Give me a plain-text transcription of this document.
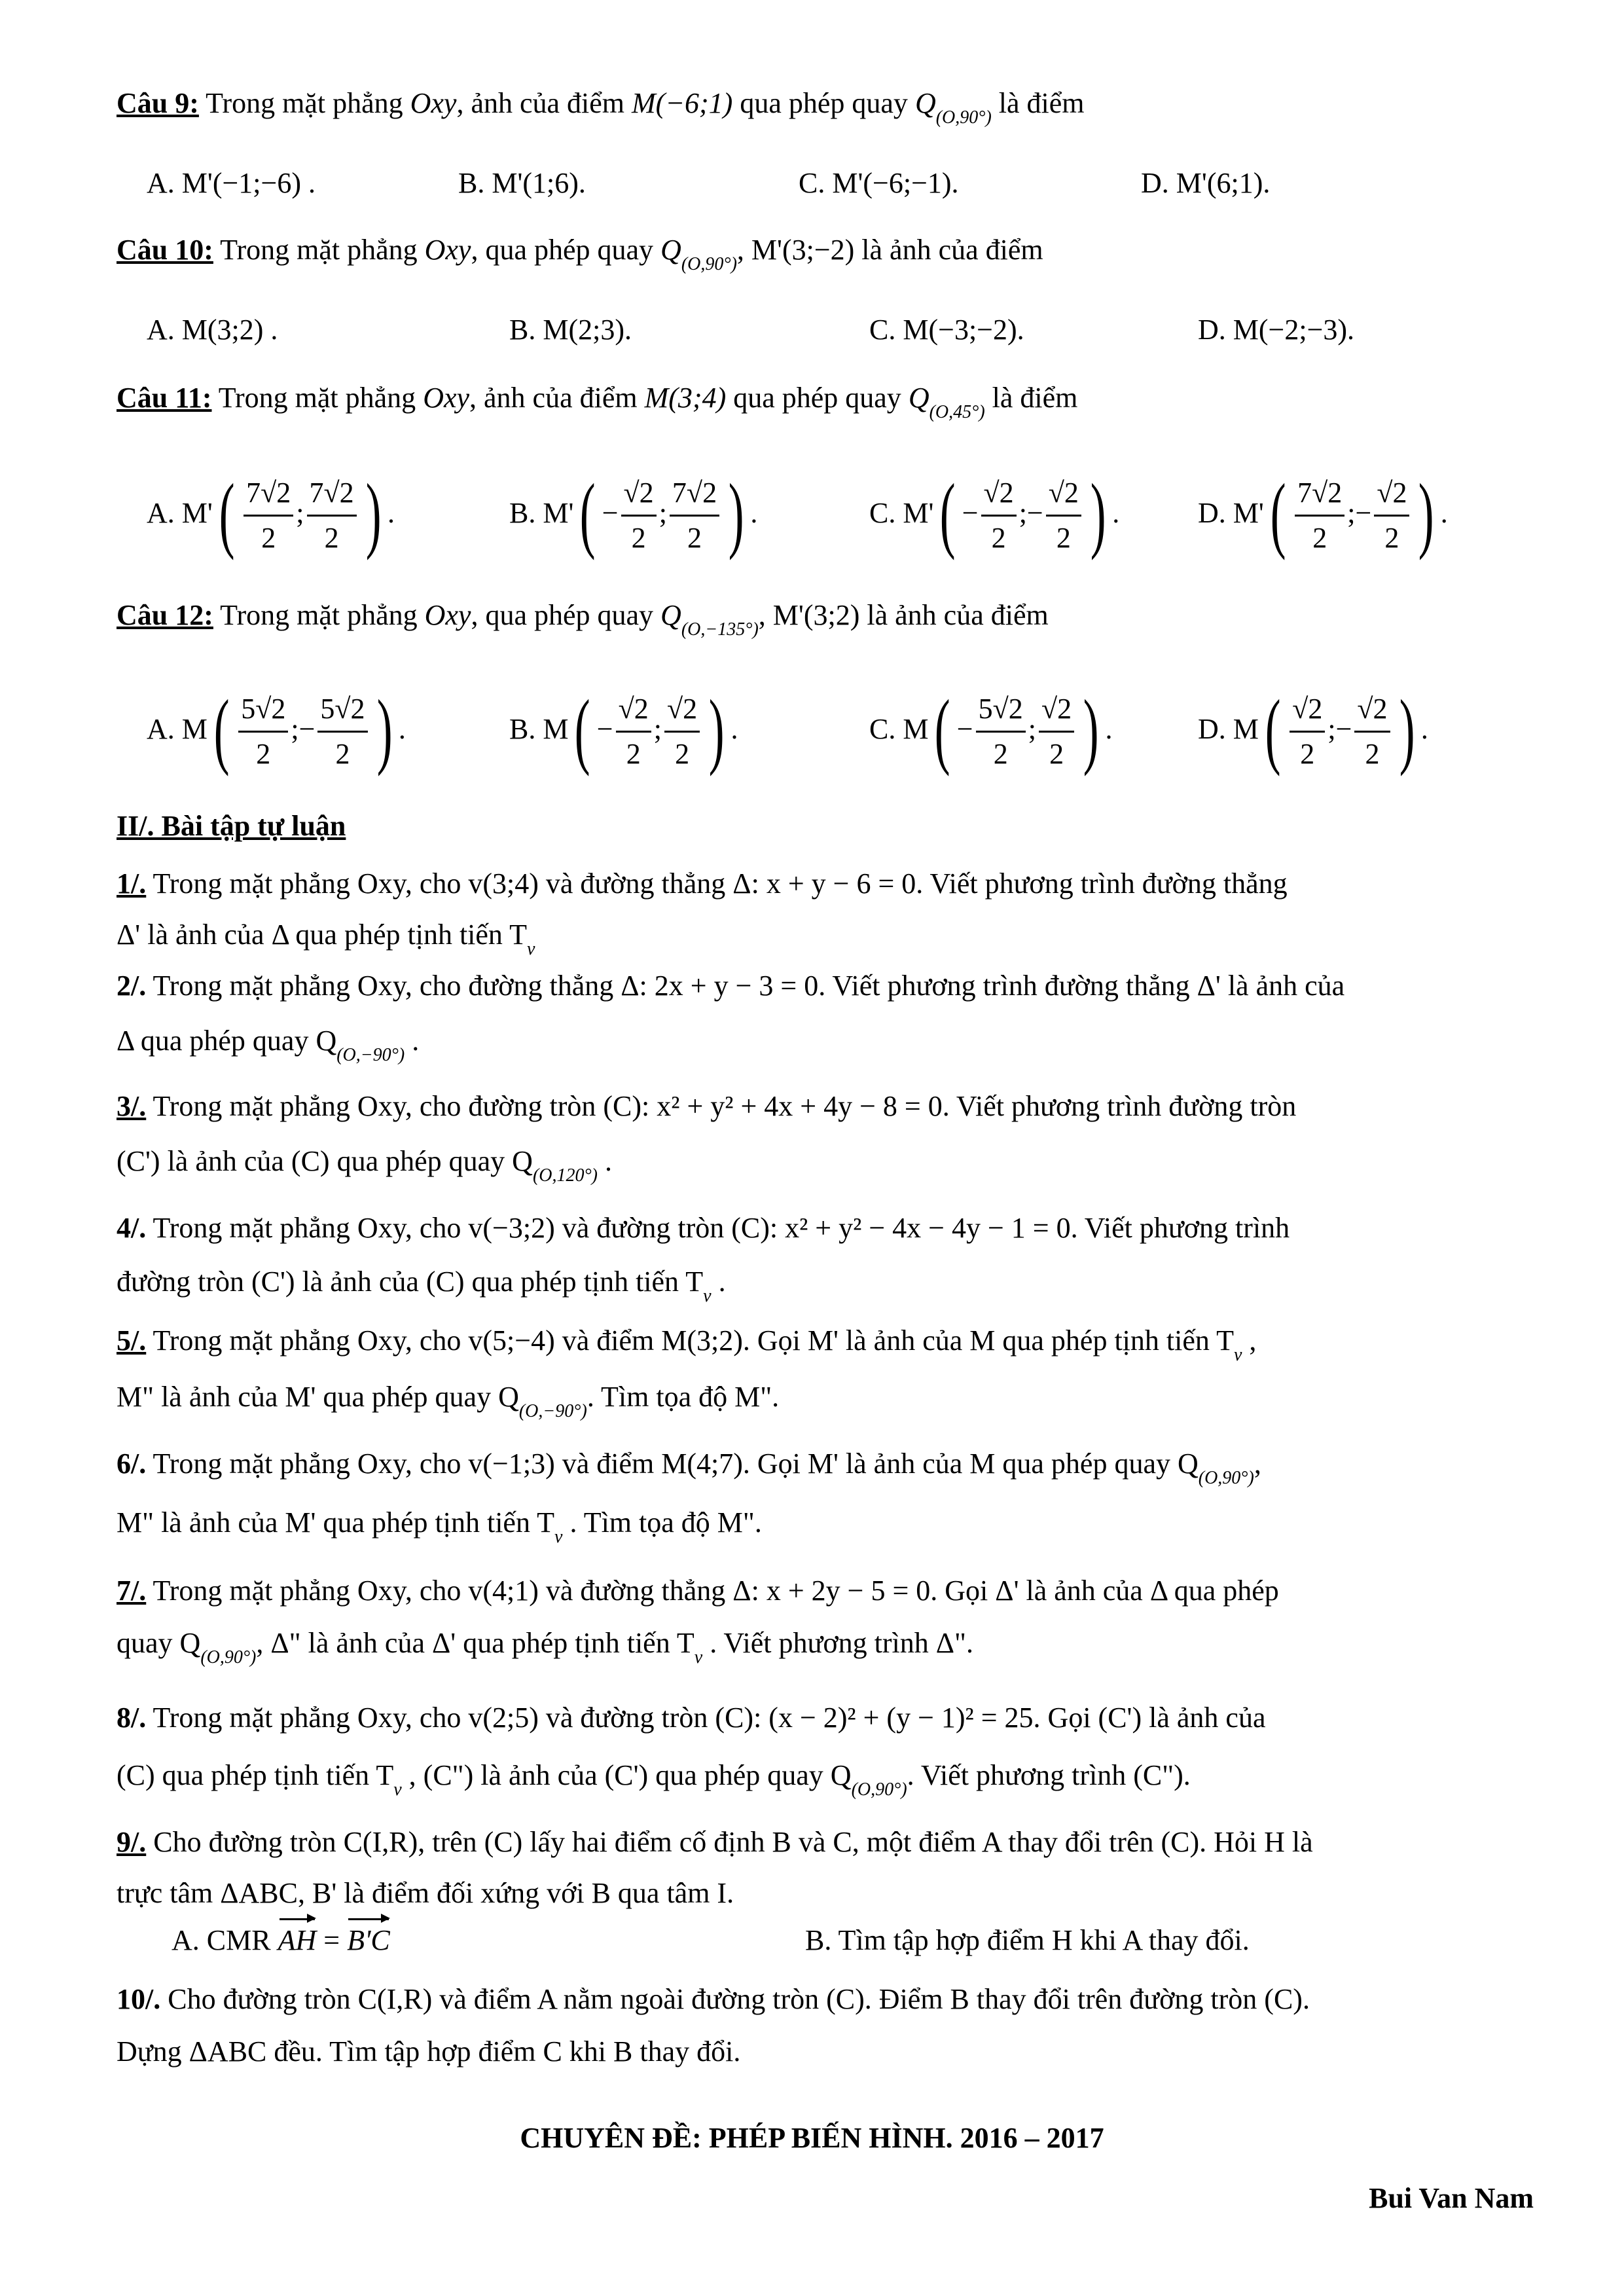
Câu 9: Trong mặt phẳng Oxy, ảnh của điểm M(−6;1) qua phép quay $Q_{(O,90^\circ)}$ là điểm
A. M'(−1;−6) .	B. M'(1;6).	C. M'(−6;−1).	D. M'(6;1).
Câu 10: Trong mặt phẳng Oxy, qua phép quay $Q_{(O,90^\circ)}$, M'(3;−2) là ảnh của điểm
A. M(3;2) .	B. M(2;3).	C. M(−3;−2).	D. M(−2;−3).
Câu 11: Trong mặt phẳng Oxy, ảnh của điểm M(3;4) qua phép quay $Q_{(O,45^\circ)}$ là điểm
A. $M'( \frac{7√2}{2}$ ; $\frac{7√2}{2}$ ) .	B. $M'( - \frac{√2}{2}$ ; $\frac{7√2}{2}$ ) .	C. $M'( - \frac{√2}{2}$ ;− $\frac{√2}{2}$ ) .	D. $M'( \frac{7√2}{2}$ ;− $\frac{√2}{2}$ ) .
Câu 12: Trong mặt phẳng Oxy, qua phép quay $Q_{(O,-135^\circ)}$, M'(3;2) là ảnh của điểm
A. $M( \frac{5√2}{2}$ ;− $\frac{5√2}{2}$ ) .	B. $M( - \frac{√2}{2}$ ; $\frac{√2}{2}$ ) .	C. $M( - \frac{5√2}{2}$ ; $\frac{√2}{2}$ ) .	D. $M( \frac{√2}{2}$ ;− $\frac{√2}{2}$ ) .
II/. Bài tập tự luận
1/. Trong mặt phẳng Oxy, cho v(3;4) và đường thẳng Δ: x + y − 6 = 0. Viết phương trình đường thẳng
Δ' là ảnh của Δ qua phép tịnh tiến $T_v$
2/. Trong mặt phẳng Oxy, cho đường thẳng Δ: 2x + y − 3 = 0. Viết phương trình đường thẳng Δ' là ảnh của
Δ qua phép quay $Q_{(O,-90^\circ)}$ .
3/. Trong mặt phẳng Oxy, cho đường tròn (C): x² + y² + 4x + 4y − 8 = 0. Viết phương trình đường tròn
(C') là ảnh của (C) qua phép quay $Q_{(O,120^\circ)}$ .
4/. Trong mặt phẳng Oxy, cho v(−3;2) và đường tròn (C): x² + y² − 4x − 4y − 1 = 0. Viết phương trình
đường tròn (C') là ảnh của (C) qua phép tịnh tiến $T_v$ .
5/. Trong mặt phẳng Oxy, cho v(5;−4) và điểm M(3;2). Gọi M' là ảnh của M qua phép tịnh tiến $T_v$ ,
M" là ảnh của M' qua phép quay $Q_{(O,-90^\circ)}$. Tìm tọa độ M".
6/. Trong mặt phẳng Oxy, cho v(−1;3) và điểm M(4;7). Gọi M' là ảnh của M qua phép quay $Q_{(O,90^\circ)}$,
M" là ảnh của M' qua phép tịnh tiến $T_v$ . Tìm tọa độ M".
7/. Trong mặt phẳng Oxy, cho v(4;1) và đường thẳng Δ: x + 2y − 5 = 0. Gọi Δ' là ảnh của Δ qua phép
quay $Q_{(O,90^\circ)}$, Δ" là ảnh của Δ' qua phép tịnh tiến $T_v$ . Viết phương trình Δ".
8/. Trong mặt phẳng Oxy, cho v(2;5) và đường tròn (C): (x − 2)² + (y − 1)² = 25. Gọi (C') là ảnh của
(C) qua phép tịnh tiến $T_v$ , (C") là ảnh của (C') qua phép quay $Q_{(O,90^\circ)}$. Viết phương trình (C").
9/. Cho đường tròn C(I,R), trên (C) lấy hai điểm cố định B và C, một điểm A thay đổi trên (C). Hỏi H là
trực tâm ΔABC, B' là điểm đối xứng với B qua tâm I.
A. CMR AH = B'C	B. Tìm tập hợp điểm H khi A thay đổi.
10/. Cho đường tròn C(I,R) và điểm A nằm ngoài đường tròn (C). Điểm B thay đổi trên đường tròn (C).
Dựng ΔABC đều. Tìm tập hợp điểm C khi B thay đổi.
CHUYÊN ĐỀ: PHÉP BIẾN HÌNH. 2016 – 2017
Bui Van Nam
